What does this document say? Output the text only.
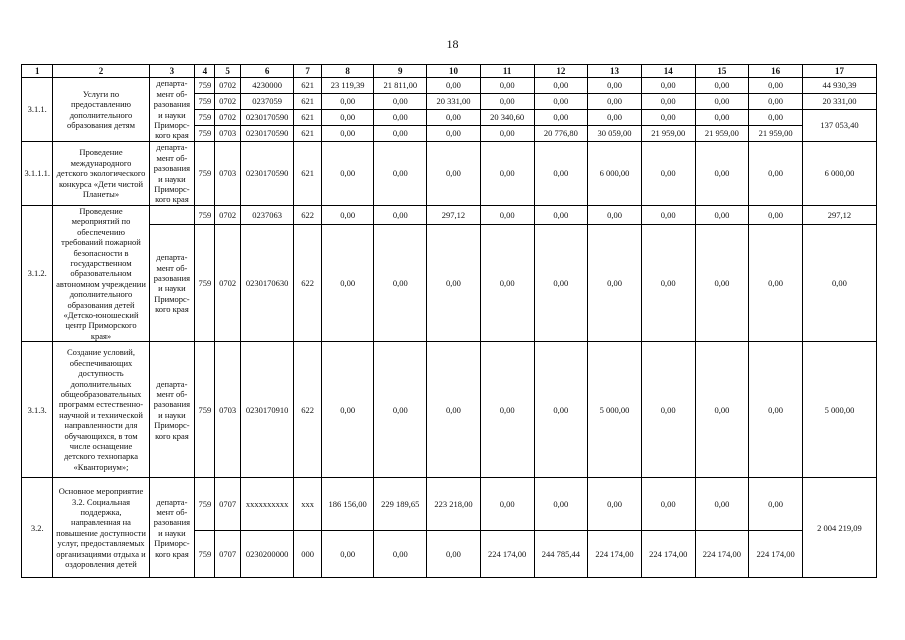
18
1	2	3	4	5	6	7	8	9	10	11	12	13	14	15	16	17
3.1.1.	Услуги по предоставлению дополнительного образования детям	департа-мент об-разования и науки Приморс-кого края	759	0702	4230000	621	23 119,39	21 811,00	0,00	0,00	0,00	0,00	0,00	0,00	0,00	44 930,39
			759	0702	0237059	621	0,00	0,00	20 331,00	0,00	0,00	0,00	0,00	0,00	0,00	20 331,00
			759	0702	0230170590	621	0,00	0,00	0,00	20 340,60	0,00	0,00	0,00	0,00	0,00	137 053,40
			759	0703	0230170590	621	0,00	0,00	0,00	0,00	20 776,80	30 059,00	21 959,00	21 959,00	21 959,00	
3.1.1.1.	Проведение международного детского экологического конкурса «Дети чистой Планеты»	департа-мент об-разования и науки Приморс-кого края	759	0703	0230170590	621	0,00	0,00	0,00	0,00	0,00	6 000,00	0,00	0,00	0,00	6 000,00
3.1.2.	Проведение мероприятий по обеспечению требований пожарной безопасности в государственном образовательном автономном учреждении дополнительного образования детей «Детско-юношеский центр Приморского края»		759	0702	0237063	622	0,00	0,00	297,12	0,00	0,00	0,00	0,00	0,00	0,00	297,12
		департа-мент об-разования и науки Приморс-кого края	759	0702	0230170630	622	0,00	0,00	0,00	0,00	0,00	0,00	0,00	0,00	0,00	0,00
3.1.3.	Создание условий, обеспечивающих доступность дополнительных общеобразовательных программ естественно-научной и технической направленности для обучающихся, в том числе оснащение детского технопарка «Кванториум»;	департа-мент об-разования и науки Приморс-кого края	759	0703	0230170910	622	0,00	0,00	0,00	0,00	0,00	5 000,00	0,00	0,00	0,00	5 000,00
3.2.	Основное мероприятие 3.2. Социальная поддержка, направленная на повышение доступности услуг, предоставляемых организациями отдыха и оздоровления детей	департа-мент об-разования и науки Приморс-кого края	759	0707	xxxxxxxxxx	xxx	186 156,00	229 189,65	223 218,00	0,00	0,00	0,00	0,00	0,00	0,00	2 004 219,09
			759	0707	0230200000	000	0,00	0,00	0,00	224 174,00	244 785,44	224 174,00	224 174,00	224 174,00	224 174,00	
